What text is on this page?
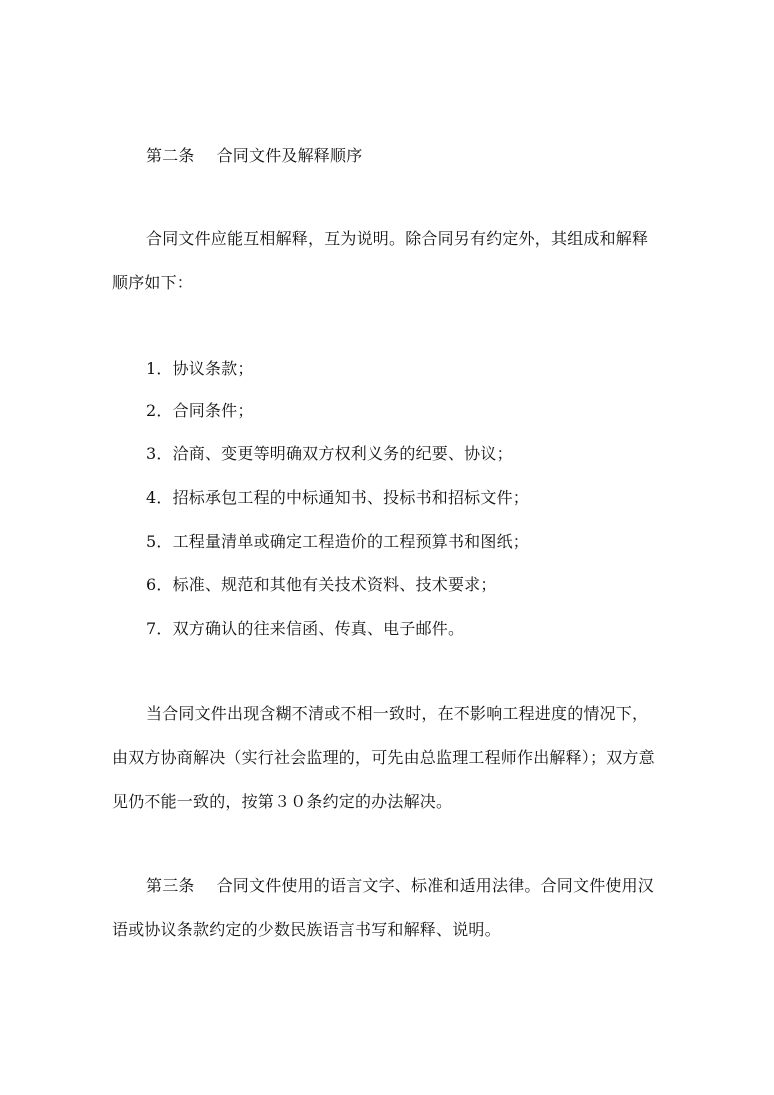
第二条 合同文件及解释顺序
合同文件应能互相解释，互为说明。除合同另有约定外，其组成和解释顺序如下：
1．协议条款；
2．合同条件；
3．洽商、变更等明确双方权利义务的纪要、协议；
4．招标承包工程的中标通知书、投标书和招标文件；
5．工程量清单或确定工程造价的工程预算书和图纸；
6．标准、规范和其他有关技术资料、技术要求；
7．双方确认的往来信函、传真、电子邮件。
当合同文件出现含糊不清或不相一致时，在不影响工程进度的情况下，由双方协商解决（实行社会监理的，可先由总监理工程师作出解释）；双方意见仍不能一致的，按第３０条约定的办法解决。
第三条 合同文件使用的语言文字、标准和适用法律。合同文件使用汉语或协议条款约定的少数民族语言书写和解释、说明。
